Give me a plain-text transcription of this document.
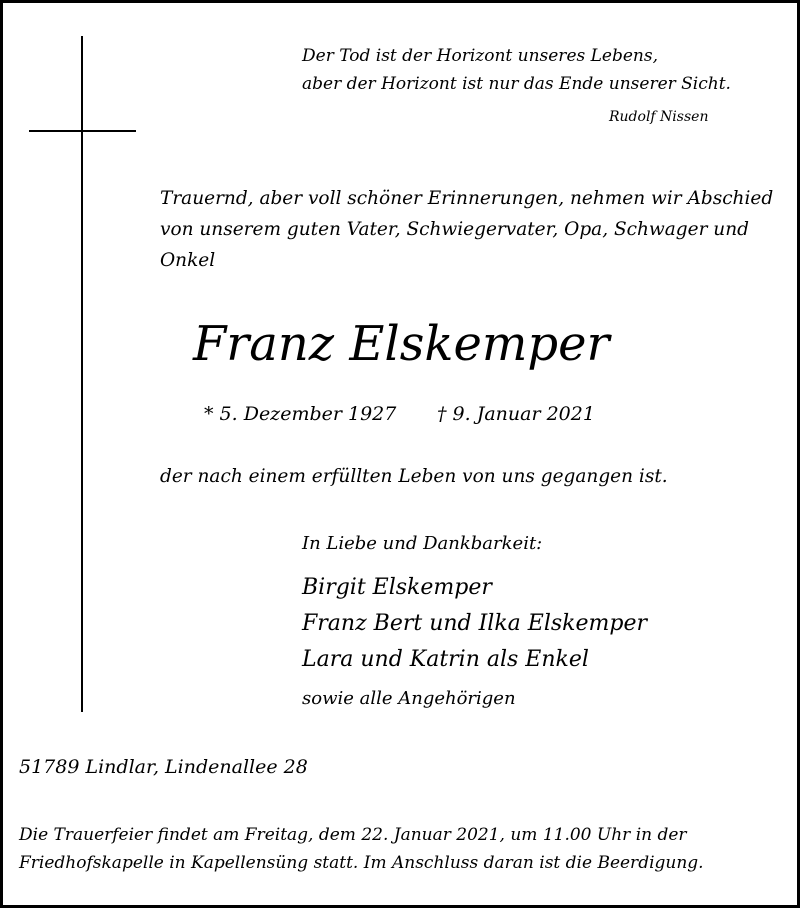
Der Tod ist der Horizont unseres Lebens,
aber der Horizont ist nur das Ende unserer Sicht.
Rudolf Nissen
Trauernd, aber voll schöner Erinnerungen, nehmen wir Abschied
von unserem guten Vater, Schwiegervater, Opa, Schwager und
Onkel
Franz Elskemper
* 5. Dezember 1927 † 9. Januar 2021
der nach einem erfüllten Leben von uns gegangen ist.
In Liebe und Dankbarkeit:
Birgit Elskemper
Franz Bert und Ilka Elskemper
Lara und Katrin als Enkel
sowie alle Angehörigen
51789 Lindlar, Lindenallee 28
Die Trauerfeier findet am Freitag, dem 22. Januar 2021, um 11.00 Uhr in der
Friedhofskapelle in Kapellensüng statt. Im Anschluss daran ist die Beerdigung.
